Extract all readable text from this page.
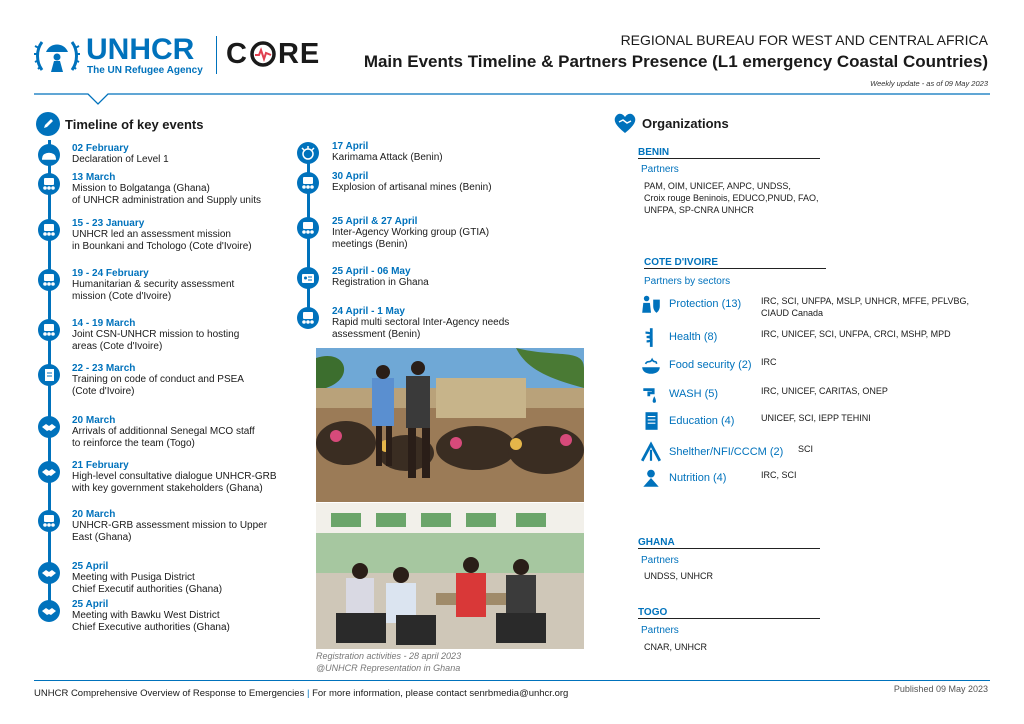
UNHCR
The UN Refugee Agency
C RE	REGIONAL BUREAU FOR WEST AND CENTRAL AFRICA
Main Events Timeline & Partners Presence (L1 emergency Coastal Countries)
Weekly update - as of 09 May 2023
Timeline of key events
02 February
Declaration of Level 1
13 March
Mission to Bolgatanga (Ghana)
of UNHCR administration and Supply units
15 - 23 January
UNHCR led an assessment mission
in Bounkani and Tchologo (Cote d'Ivoire)
19 - 24 February
Humanitarian & security assessment
mission (Cote d'Ivoire)
14 - 19 March
Joint CSN-UNHCR mission to hosting
areas (Cote d'Ivoire)
22 - 23 March
Training on code of conduct and PSEA
(Cote d'Ivoire)
20 March
Arrivals of additionnal Senegal MCO staff
to reinforce the team (Togo)
21 February
High-level consultative dialogue UNHCR-GRB
with key government stakeholders (Ghana)
20 March
UNHCR-GRB assessment mission to Upper
East (Ghana)
25 April
Meeting with Pusiga District
Chief Executif authorities (Ghana)
25 April
Meeting with Bawku West District
Chief Executive authorities (Ghana)
17 April
Karimama Attack (Benin)
30 April
Explosion of artisanal mines (Benin)
25 April & 27 April
Inter-Agency Working group (GTIA)
meetings (Benin)
25 April - 06 May
Registration in Ghana
24 April - 1 May
Rapid multi sectoral Inter-Agency needs
assessment (Benin)
Registration activities - 28 april 2023
@UNHCR Representation in Ghana
Organizations
BENIN
Partners
PAM, OIM, UNICEF, ANPC, UNDSS,
Croix rouge Beninois, EDUCO,PNUD, FAO,
UNFPA, SP-CNRA UNHCR
COTE D'IVOIRE
Partners by sectors
Protection (13) IRC, SCI, UNFPA, MSLP, UNHCR, MFFE, PFLVBG,
CIAUD Canada
Health (8)	IRC, UNICEF, SCI, UNFPA, CRCI, MSHP, MPD
Food security (2) IRC
WASH (5)	IRC, UNICEF, CARITAS, ONEP
Education (4)	UNICEF, SCI, IEPP TEHINI
Shelther/NFI/CCCM (2) SCI
Nutrition (4)	IRC, SCI
GHANA
Partners
UNDSS, UNHCR
TOGO
Partners
CNAR, UNHCR
UNHCR Comprehensive Overview of Response to Emergencies | For more information, please contact senrbmedia@unhcr.org	Published 09 May 2023
